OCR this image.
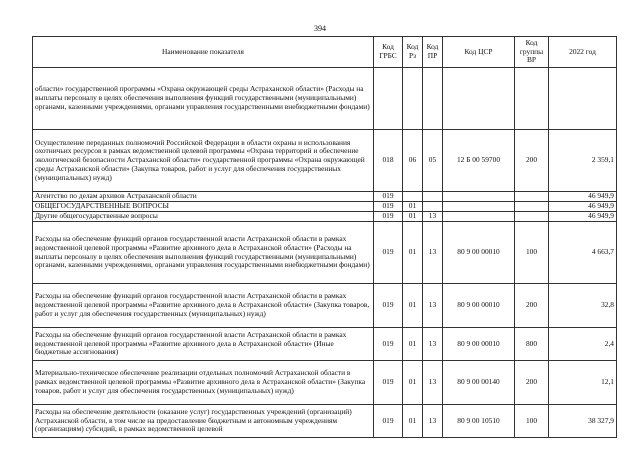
394
Наименование показателя	Код ГРБС	Код Рз	Код ПР	Код ЦСР	Код группы ВР	2022 год
области» государственной программы «Охрана окружающей среды Астраханской области» (Расходы на выплаты персоналу в целях обеспечения выполнения функций государственными (муниципальными) органами, казенными учреждениями, органами управления государственными внебюджетными фондами)						
Осуществление переданных полномочий Российской Федерации в области охраны и использования охотничьих ресурсов в рамках ведомственной целевой программы «Охрана территорий и обеспечение экологической безопасности Астраханской области» государственной программы «Охрана окружающей среды Астраханской области» (Закупка товаров, работ и услуг для обеспечения государственных (муниципальных) нужд)	018	06	05	12 Б 00 59700	200	2 359,1
Агентство по делам архивов Астраханской области	019					46 949,9
ОБЩЕГОСУДАРСТВЕННЫЕ ВОПРОСЫ	019	01				46 949,9
Другие общегосударственные вопросы	019	01	13			46 949,9
Расходы на обеспечение функций органов государственной власти Астраханской области в рамках ведомственной целевой программы «Развитие архивного дела в Астраханской области» (Расходы на выплаты персоналу в целях обеспечения выполнения функций государственными (муниципальными) органами, казенными учреждениями, органами управления государственными внебюджетными фондами)	019	01	13	80 9 00 00010	100	4 663,7
Расходы на обеспечение функций органов государственной власти Астраханской области в рамках ведомственной целевой программы «Развитие архивного дела в Астраханской области» (Закупка товаров, работ и услуг для обеспечения государственных (муниципальных) нужд)	019	01	13	80 9 00 00010	200	32,8
Расходы на обеспечение функций органов государственной власти Астраханской области в рамках ведомственной целевой программы «Развитие архивного дела в Астраханской области» (Иные бюджетные ассигнования)	019	01	13	80 9 00 00010	800	2,4
Материально-техническое обеспечение реализации отдельных полномочий Астраханской области в рамках ведомственной целевой программы «Развитие архивного дела в Астраханской области» (Закупка товаров, работ и услуг для обеспечения государственных (муниципальных) нужд)	019	01	13	80 9 00 00140	200	12,1
Расходы на обеспечение деятельности (оказание услуг) государственных учреждений (организаций) Астраханской области, в том числе на предоставление бюджетным и автономным учреждениям (организациям) субсидий, в рамках ведомственной целевой	019	01	13	80 9 00 10510	100	38 327,9
